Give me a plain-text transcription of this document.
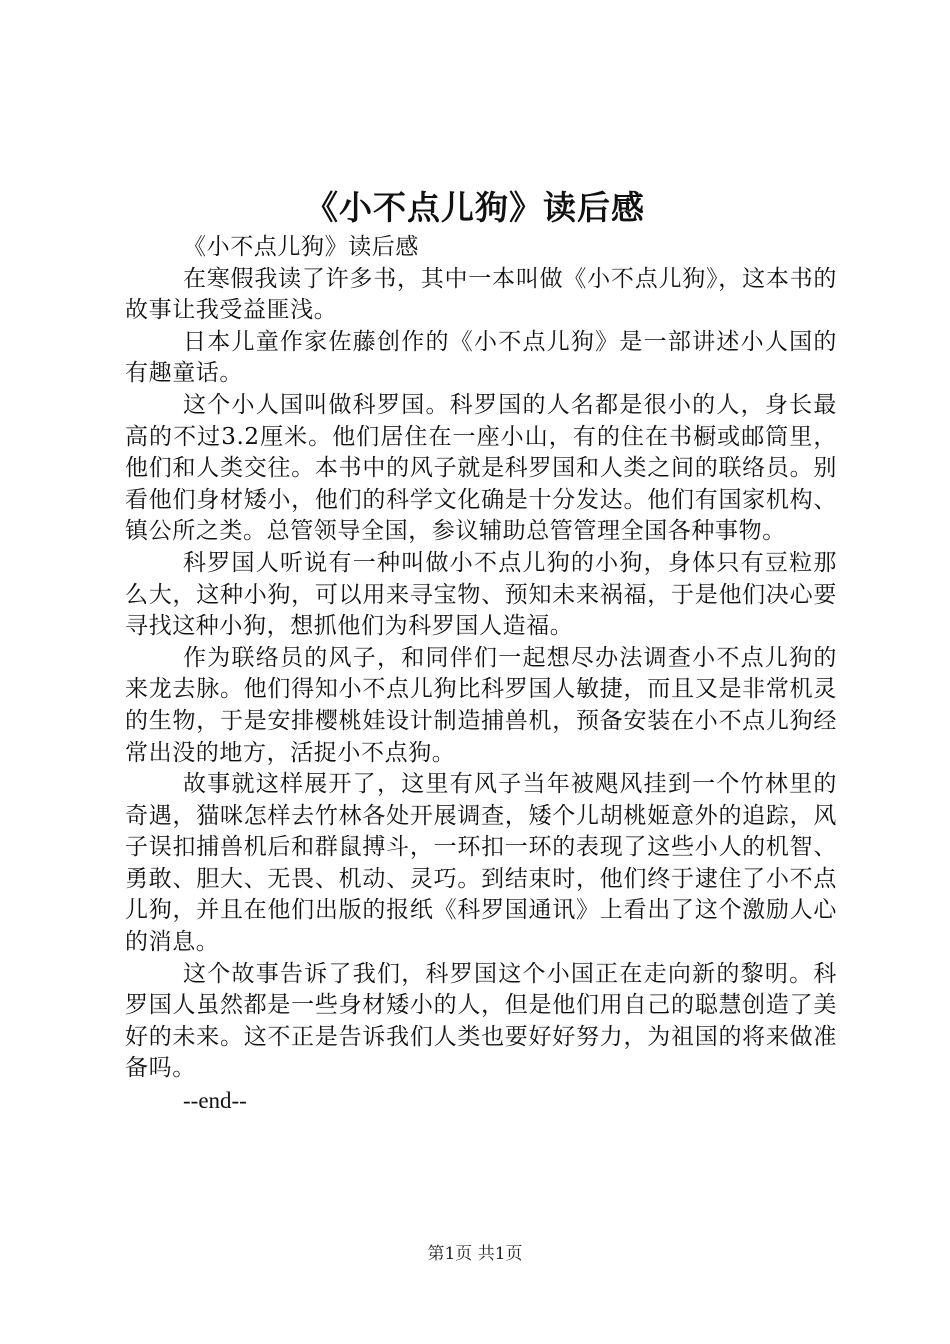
《小不点儿狗》读后感

《小不点儿狗》读后感

在寒假我读了许多书，其中一本叫做《小不点儿狗》，这本书的故事让我受益匪浅。

日本儿童作家佐藤创作的《小不点儿狗》是一部讲述小人国的有趣童话。

这个小人国叫做科罗国。科罗国的人名都是很小的人，身长最高的不过3.2厘米。他们居住在一座小山，有的住在书橱或邮筒里，他们和人类交往。本书中的风子就是科罗国和人类之间的联络员。别看他们身材矮小，他们的科学文化确是十分发达。他们有国家机构、镇公所之类。总管领导全国，参议辅助总管管理全国各种事物。

科罗国人听说有一种叫做小不点儿狗的小狗，身体只有豆粒那么大，这种小狗，可以用来寻宝物、预知未来祸福，于是他们决心要寻找这种小狗，想抓他们为科罗国人造福。

作为联络员的风子，和同伴们一起想尽办法调查小不点儿狗的来龙去脉。他们得知小不点儿狗比科罗国人敏捷，而且又是非常机灵的生物，于是安排樱桃娃设计制造捕兽机，预备安装在小不点儿狗经常出没的地方，活捉小不点狗。

故事就这样展开了，这里有风子当年被飓风挂到一个竹林里的奇遇，猫咪怎样去竹林各处开展调查，矮个儿胡桃姬意外的追踪，风子误扣捕兽机后和群鼠搏斗，一环扣一环的表现了这些小人的机智、勇敢、胆大、无畏、机动、灵巧。到结束时，他们终于逮住了小不点儿狗，并且在他们出版的报纸《科罗国通讯》上看出了这个激励人心的消息。

这个故事告诉了我们，科罗国这个小国正在走向新的黎明。科罗国人虽然都是一些身材矮小的人，但是他们用自己的聪慧创造了美好的未来。这不正是告诉我们人类也要好好努力，为祖国的将来做准备吗。

--end--

第1页 共1页
